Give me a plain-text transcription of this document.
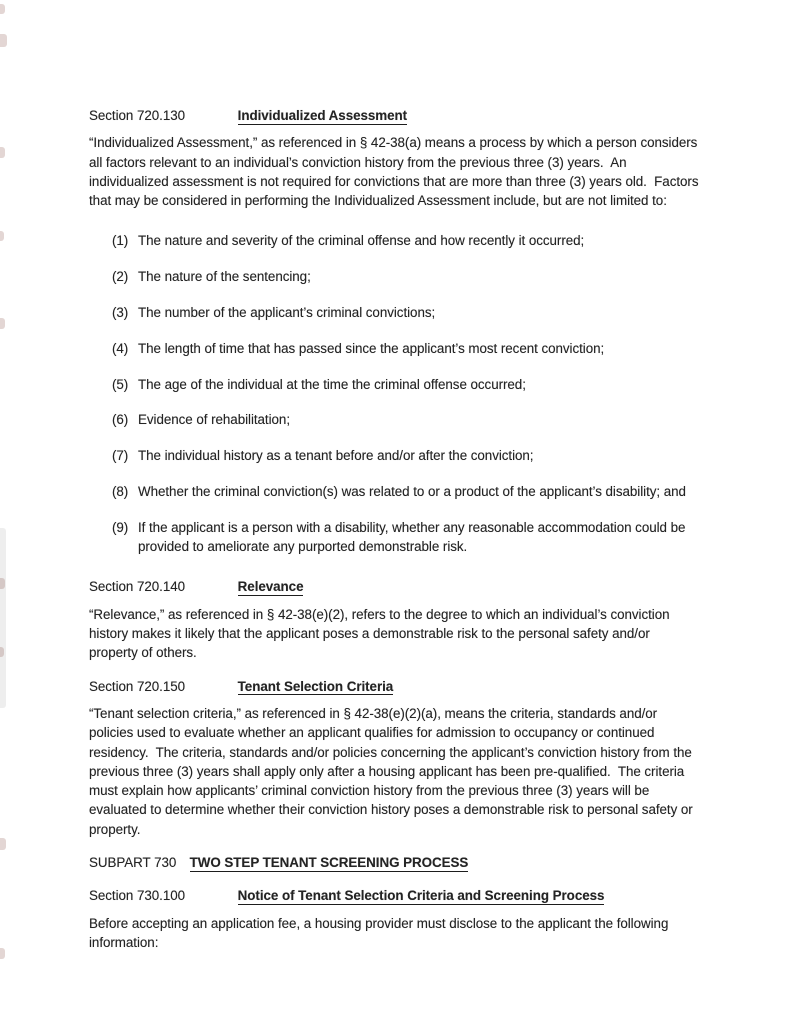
Section 720.130	Individualized Assessment

“Individualized Assessment,” as referenced in § 42-38(a) means a process by which a person considers all factors relevant to an individual’s conviction history from the previous three (3) years.  An individualized assessment is not required for convictions that are more than three (3) years old.  Factors that may be considered in performing the Individualized Assessment include, but are not limited to:

(1) The nature and severity of the criminal offense and how recently it occurred;
(2) The nature of the sentencing;
(3) The number of the applicant’s criminal convictions;
(4) The length of time that has passed since the applicant’s most recent conviction;
(5) The age of the individual at the time the criminal offense occurred;
(6) Evidence of rehabilitation;
(7) The individual history as a tenant before and/or after the conviction;
(8) Whether the criminal conviction(s) was related to or a product of the applicant’s disability; and
(9) If the applicant is a person with a disability, whether any reasonable accommodation could be provided to ameliorate any purported demonstrable risk.
Section 720.140	Relevance

“Relevance,” as referenced in § 42-38(e)(2), refers to the degree to which an individual’s conviction history makes it likely that the applicant poses a demonstrable risk to the personal safety and/or property of others.

Section 720.150	Tenant Selection Criteria

“Tenant selection criteria,” as referenced in § 42-38(e)(2)(a), means the criteria, standards and/or policies used to evaluate whether an applicant qualifies for admission to occupancy or continued residency.  The criteria, standards and/or policies concerning the applicant’s conviction history from the previous three (3) years shall apply only after a housing applicant has been pre-qualified.  The criteria must explain how applicants’ criminal conviction history from the previous three (3) years will be evaluated to determine whether their conviction history poses a demonstrable risk to personal safety or property.

SUBPART 730 TWO STEP TENANT SCREENING PROCESS
Section 730.100	Notice of Tenant Selection Criteria and Screening Process

Before accepting an application fee, a housing provider must disclose to the applicant the following information:
